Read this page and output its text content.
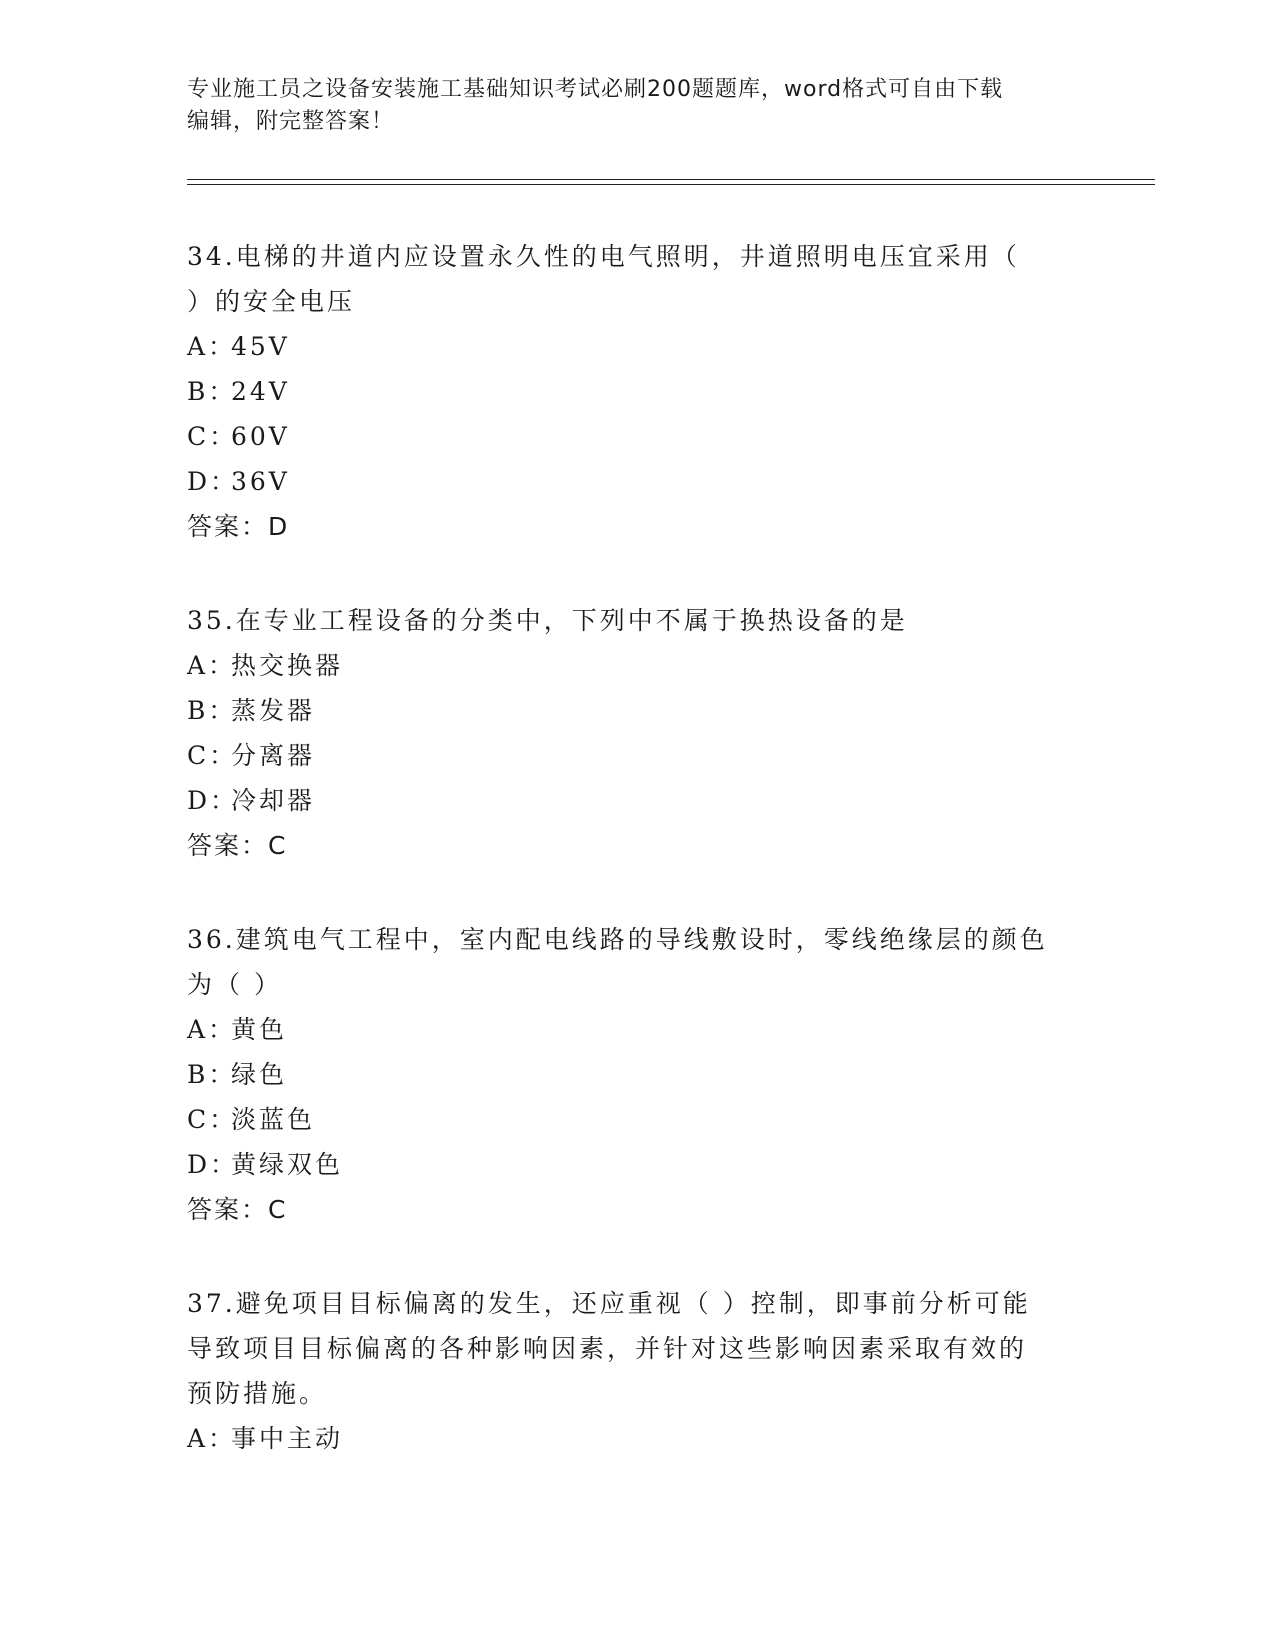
专业施工员之设备安装施工基础知识考试必刷200题题库，word格式可自由下载
编辑，附完整答案！
34.电梯的井道内应设置永久性的电气照明，井道照明电压宜采用（
）的安全电压
A：45V
B：24V
C：60V
D：36V
答案：D
35.在专业工程设备的分类中，下列中不属于换热设备的是
A：热交换器
B：蒸发器
C：分离器
D：冷却器
答案：C
36.建筑电气工程中，室内配电线路的导线敷设时，零线绝缘层的颜色
为（ ）
A：黄色
B：绿色
C：淡蓝色
D：黄绿双色
答案：C
37.避免项目目标偏离的发生，还应重视（ ）控制，即事前分析可能
导致项目目标偏离的各种影响因素，并针对这些影响因素采取有效的
预防措施。
A：事中主动
